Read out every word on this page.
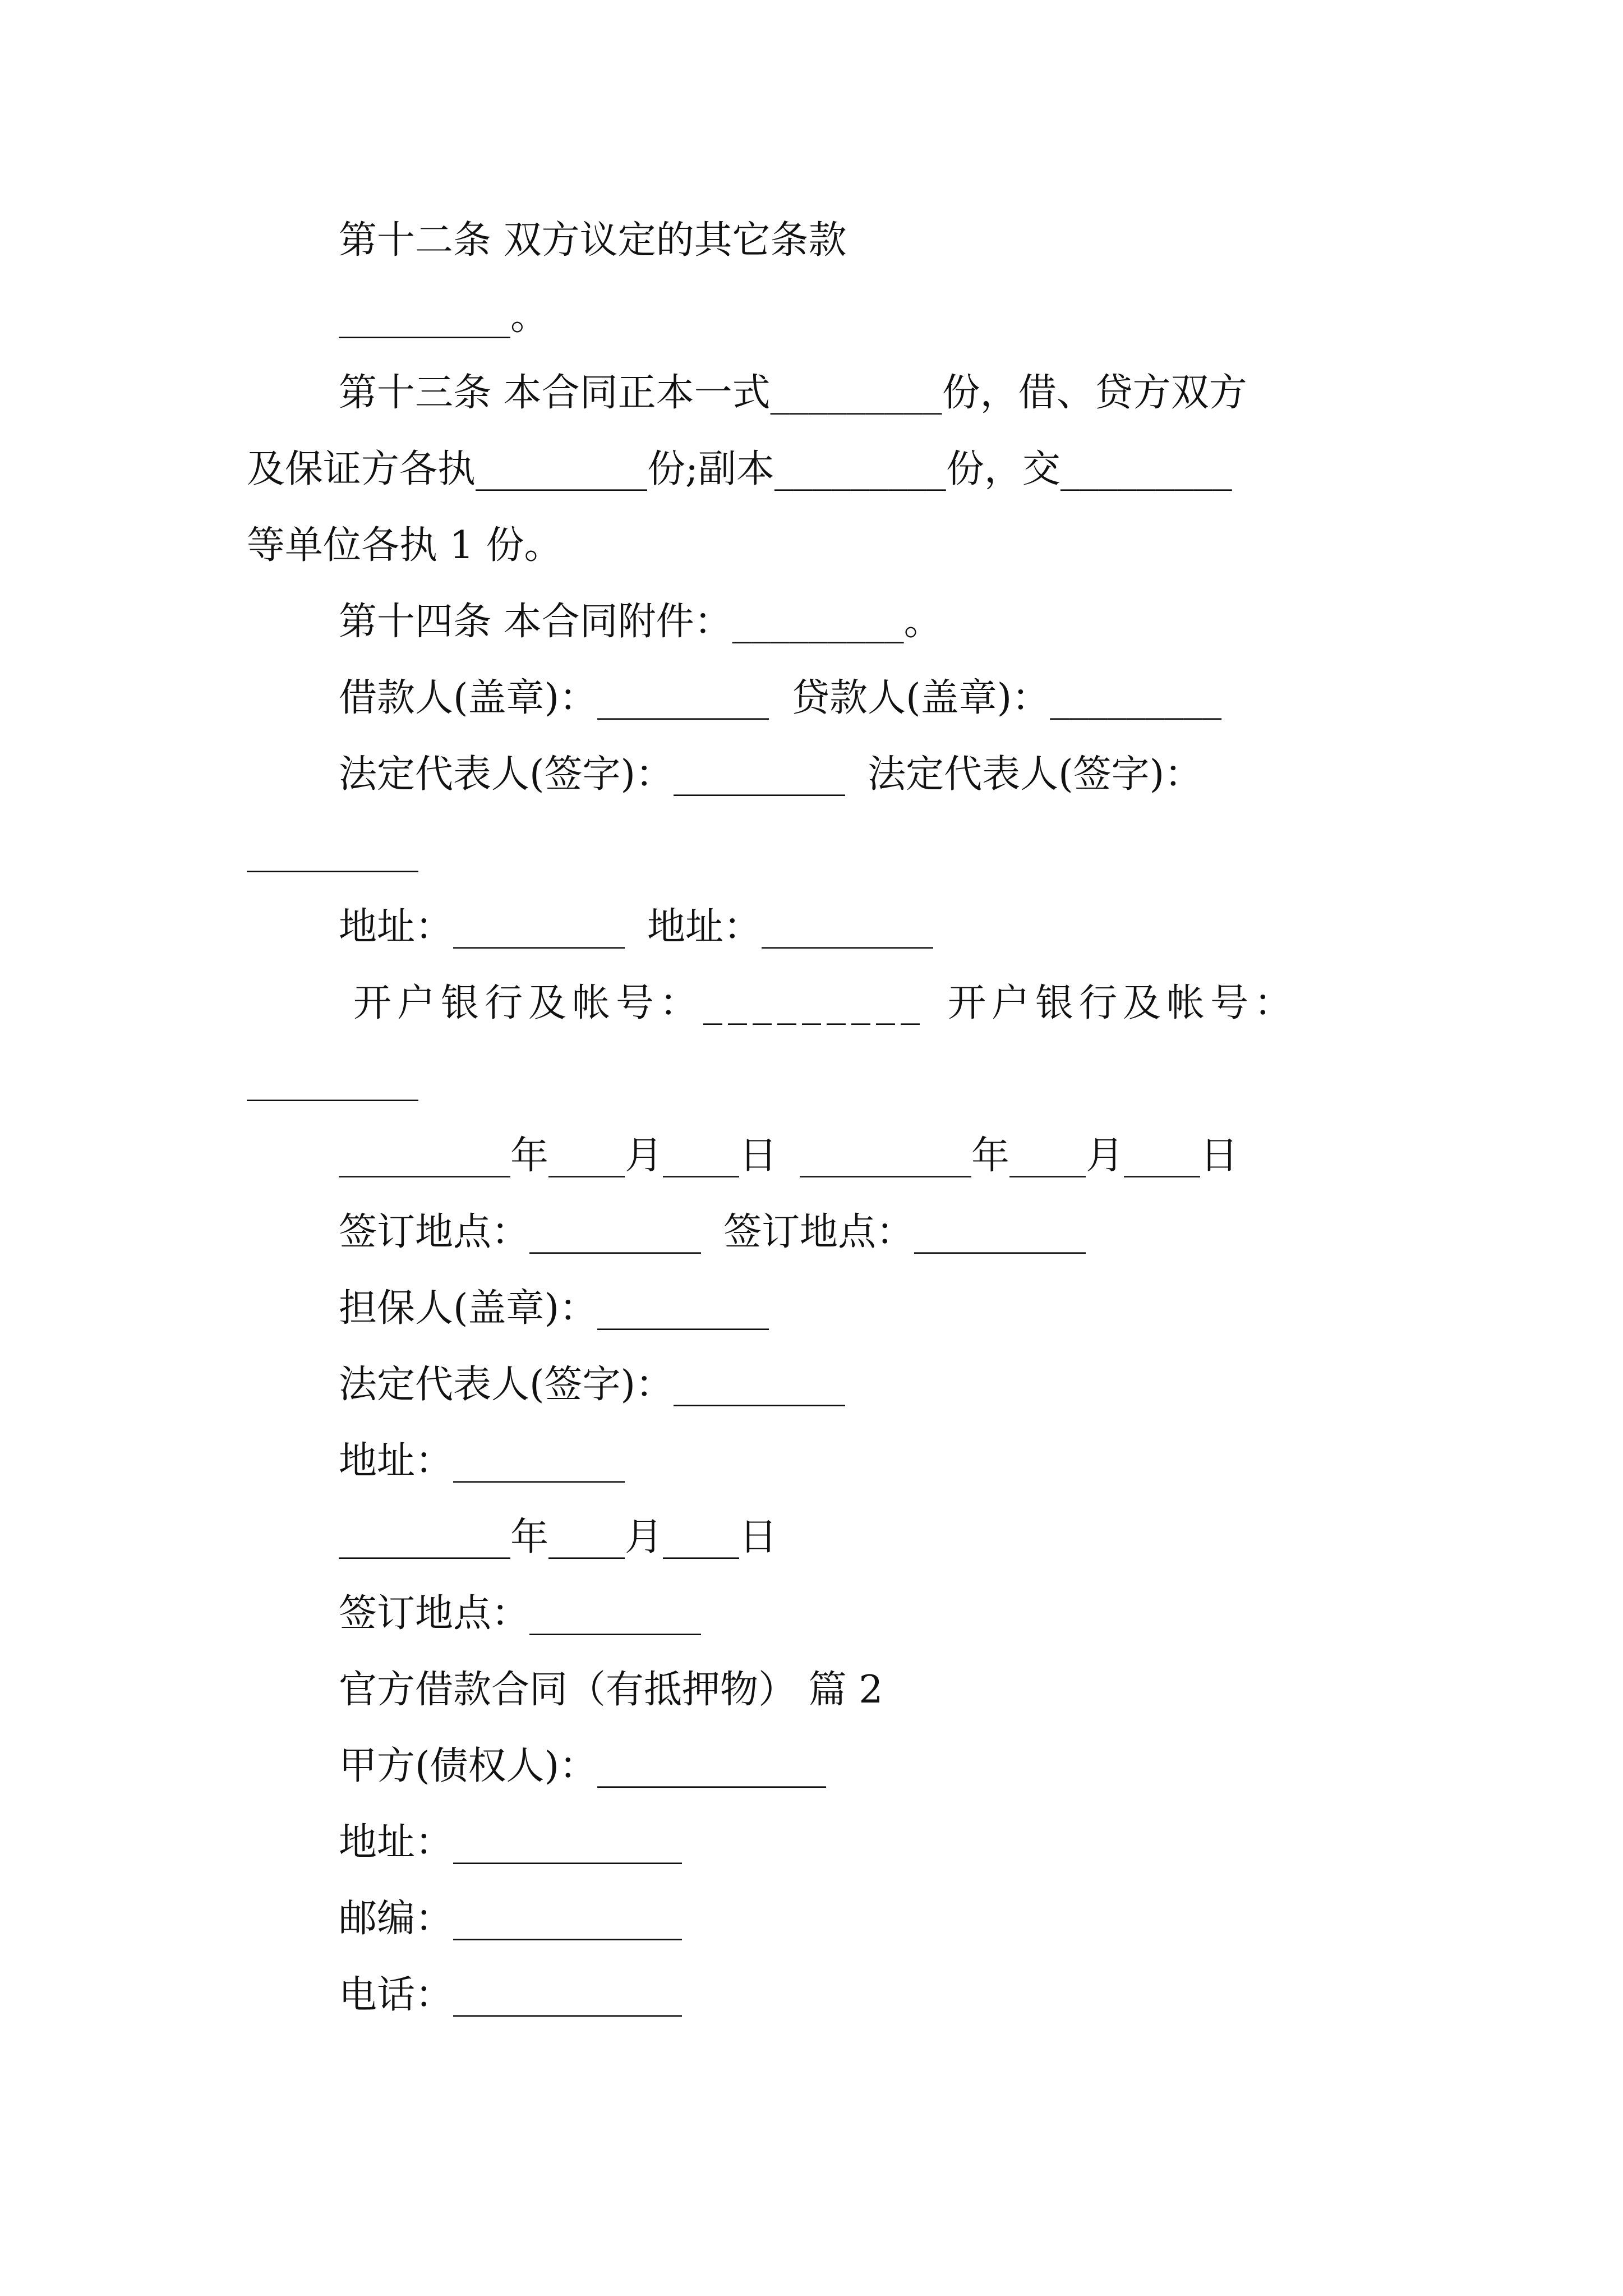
第十二条 双方议定的其它条款
_________。
第十三条 本合同正本一式_________份，借、贷方双方
及保证方各执_________份;副本_________份，交_________
等单位各执 1 份。
第十四条 本合同附件：_________。
借款人(盖章)：_________ 贷款人(盖章)：_________
法定代表人(签字)：_________ 法定代表人(签字)：
_________
地址：_________ 地址：_________
开户银行及帐号：_________ 开户银行及帐号：
_________
_________年____月____日 _________年____月____日
签订地点：_________ 签订地点：_________
担保人(盖章)：_________
法定代表人(签字)：_________
地址：_________
_________年____月____日
签订地点：_________
官方借款合同（有抵押物） 篇 2
甲方(债权人)：____________
地址：____________
邮编：____________
电话：____________
